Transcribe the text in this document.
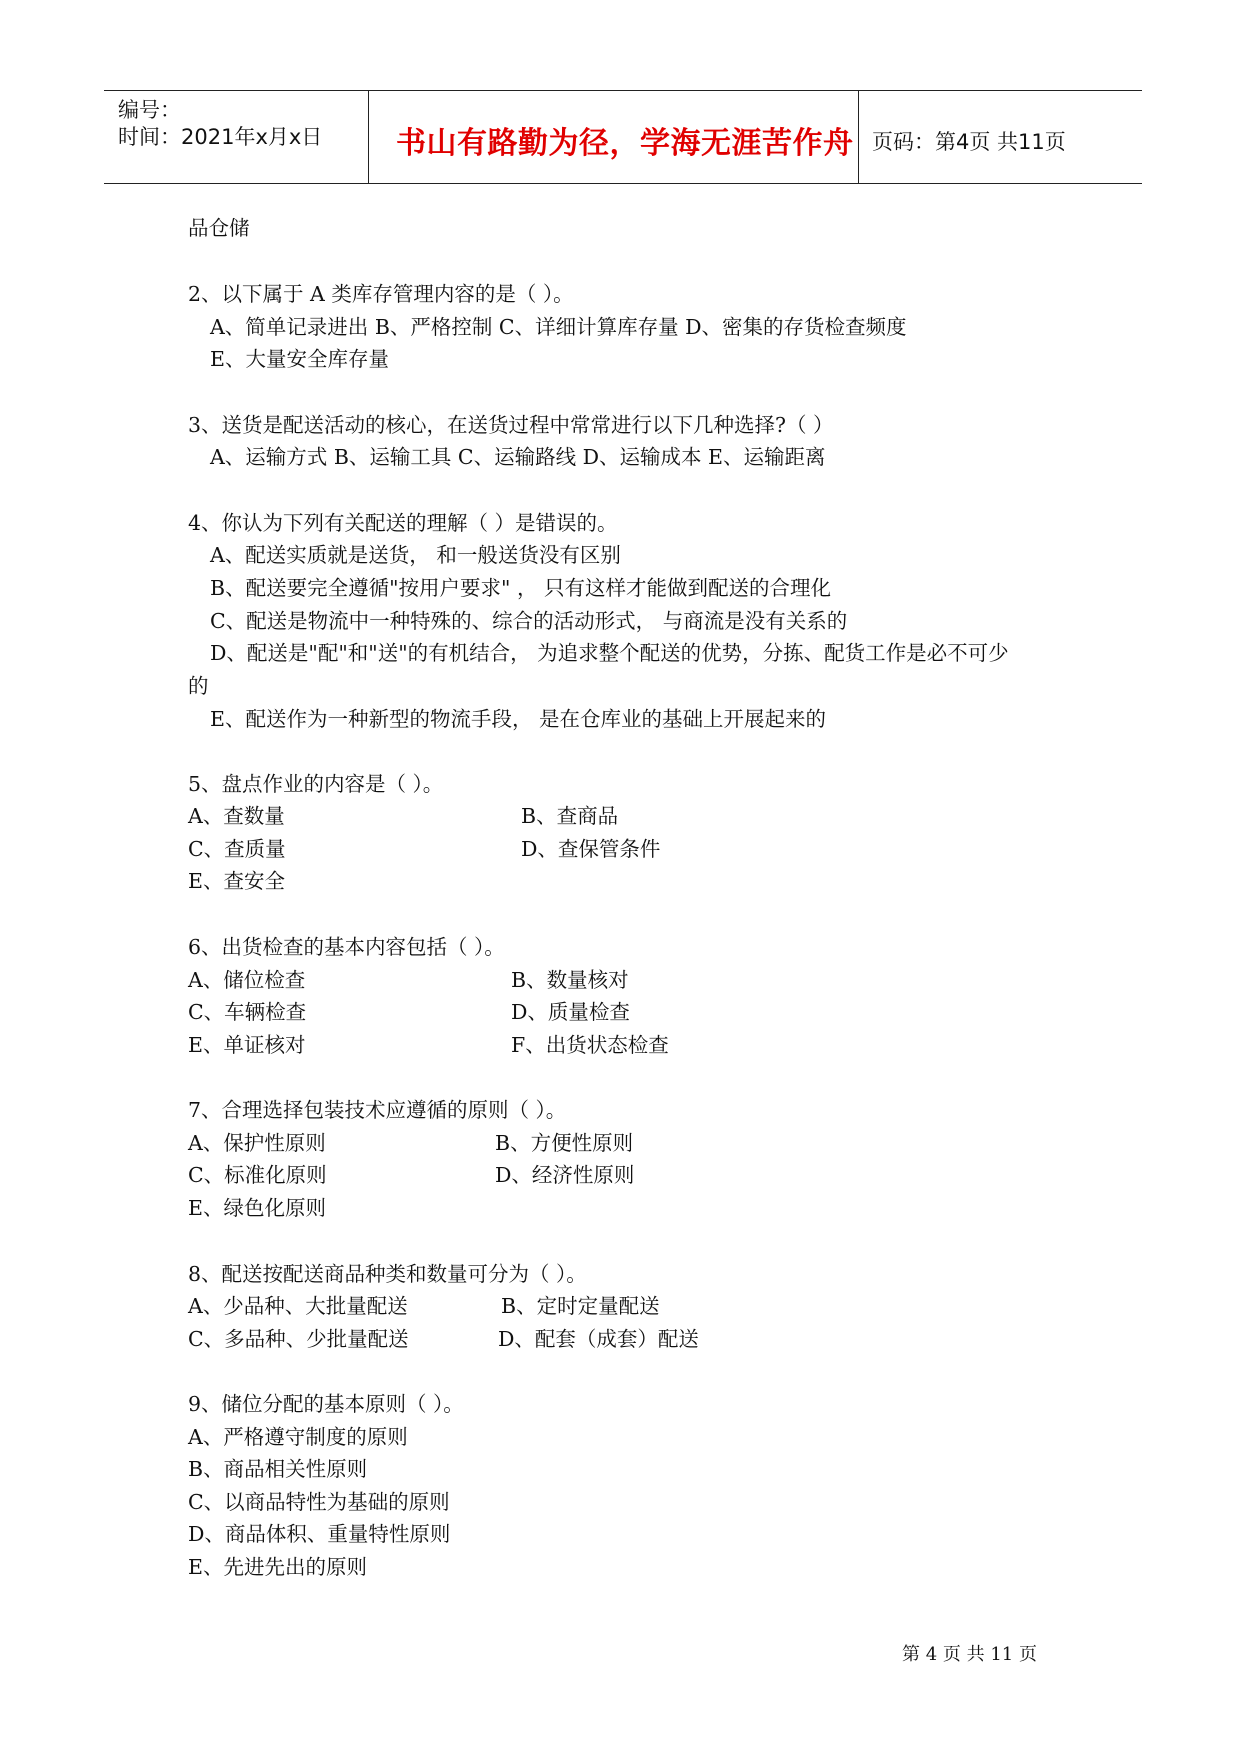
编号：
时间：2021年x月x日 书山有路勤为径，学海无涯苦作舟 页码：第4页 共11页
品仓储
2、以下属于 A 类库存管理内容的是（ ）。
A、简单记录进出 B、严格控制 C、详细计算库存量 D、密集的存货检查频度
E、大量安全库存量
3、送货是配送活动的核心，在送货过程中常常进行以下几种选择?（ ）
A、运输方式 B、运输工具 C、运输路线 D、运输成本 E、运输距离
4、你认为下列有关配送的理解（ ）是错误的。
A、配送实质就是送货， 和一般送货没有区别
B、配送要完全遵循"按用户要求" ， 只有这样才能做到配送的合理化
C、配送是物流中一种特殊的、综合的活动形式， 与商流是没有关系的
D、配送是"配"和"送"的有机结合， 为追求整个配送的优势，分拣、配货工作是必不可少
的
E、配送作为一种新型的物流手段， 是在仓库业的基础上开展起来的
5、盘点作业的内容是（ ）。
A、查数量	B、查商品
C、查质量	D、查保管条件
E、查安全
6、出货检查的基本内容包括（ ）。
A、储位检查	B、数量核对
C、车辆检查	D、质量检查
E、单证核对	F、出货状态检查
7、合理选择包装技术应遵循的原则（ ）。
A、保护性原则	B、方便性原则
C、标准化原则	D、经济性原则
E、绿色化原则
8、配送按配送商品种类和数量可分为（ ）。
A、少品种、大批量配送	B、定时定量配送
C、多品种、少批量配送	D、配套（成套）配送
9、储位分配的基本原则（ ）。
A、严格遵守制度的原则
B、商品相关性原则
C、以商品特性为基础的原则
D、商品体积、重量特性原则
E、先进先出的原则
第 4 页 共 11 页
